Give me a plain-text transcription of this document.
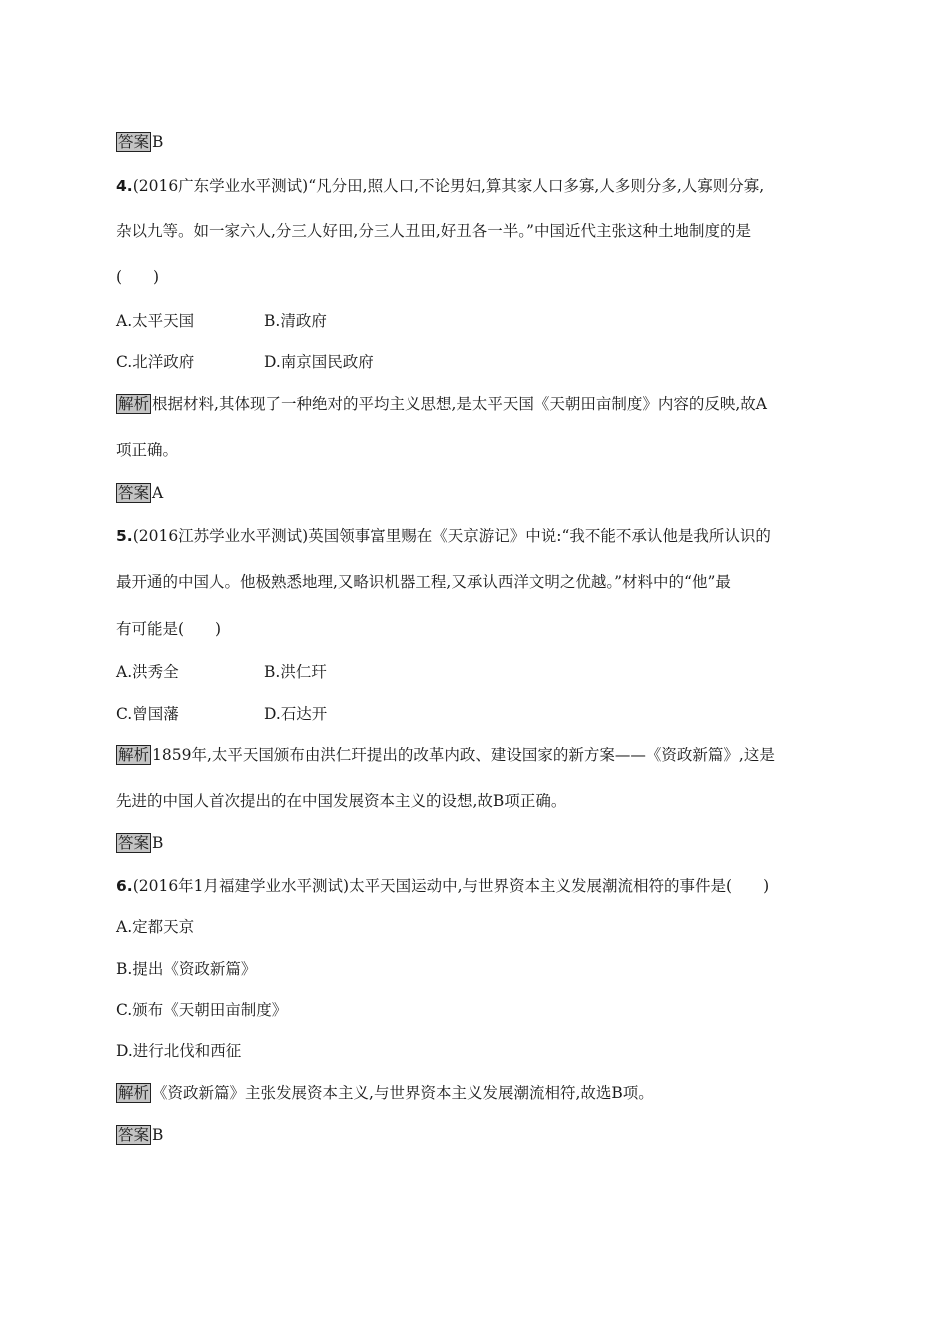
答案 B
4.(2016广东学业水平测试)“凡分田,照人口,不论男妇,算其家人口多寡,人多则分多,人寡则分寡,
杂以九等。如一家六人,分三人好田,分三人丑田,好丑各一半。”中国近代主张这种土地制度的是
(　　)
A.太平天国	B.清政府
C.北洋政府	D.南京国民政府
解析 根据材料,其体现了一种绝对的平均主义思想,是太平天国《天朝田亩制度》内容的反映,故A
项正确。
答案 A
5.(2016江苏学业水平测试)英国领事富里赐在《天京游记》中说:“我不能不承认他是我所认识的
最开通的中国人。他极熟悉地理,又略识机器工程,又承认西洋文明之优越。”材料中的“他”最
有可能是(　　)
A.洪秀全	B.洪仁玕
C.曾国藩	D.石达开
解析 1859年,太平天国颁布由洪仁玕提出的改革内政、建设国家的新方案——《资政新篇》,这是
先进的中国人首次提出的在中国发展资本主义的设想,故B项正确。
答案 B
6.(2016年1月福建学业水平测试)太平天国运动中,与世界资本主义发展潮流相符的事件是(　　)
A.定都天京
B.提出《资政新篇》
C.颁布《天朝田亩制度》
D.进行北伐和西征
解析 《资政新篇》主张发展资本主义,与世界资本主义发展潮流相符,故选B项。
答案 B
